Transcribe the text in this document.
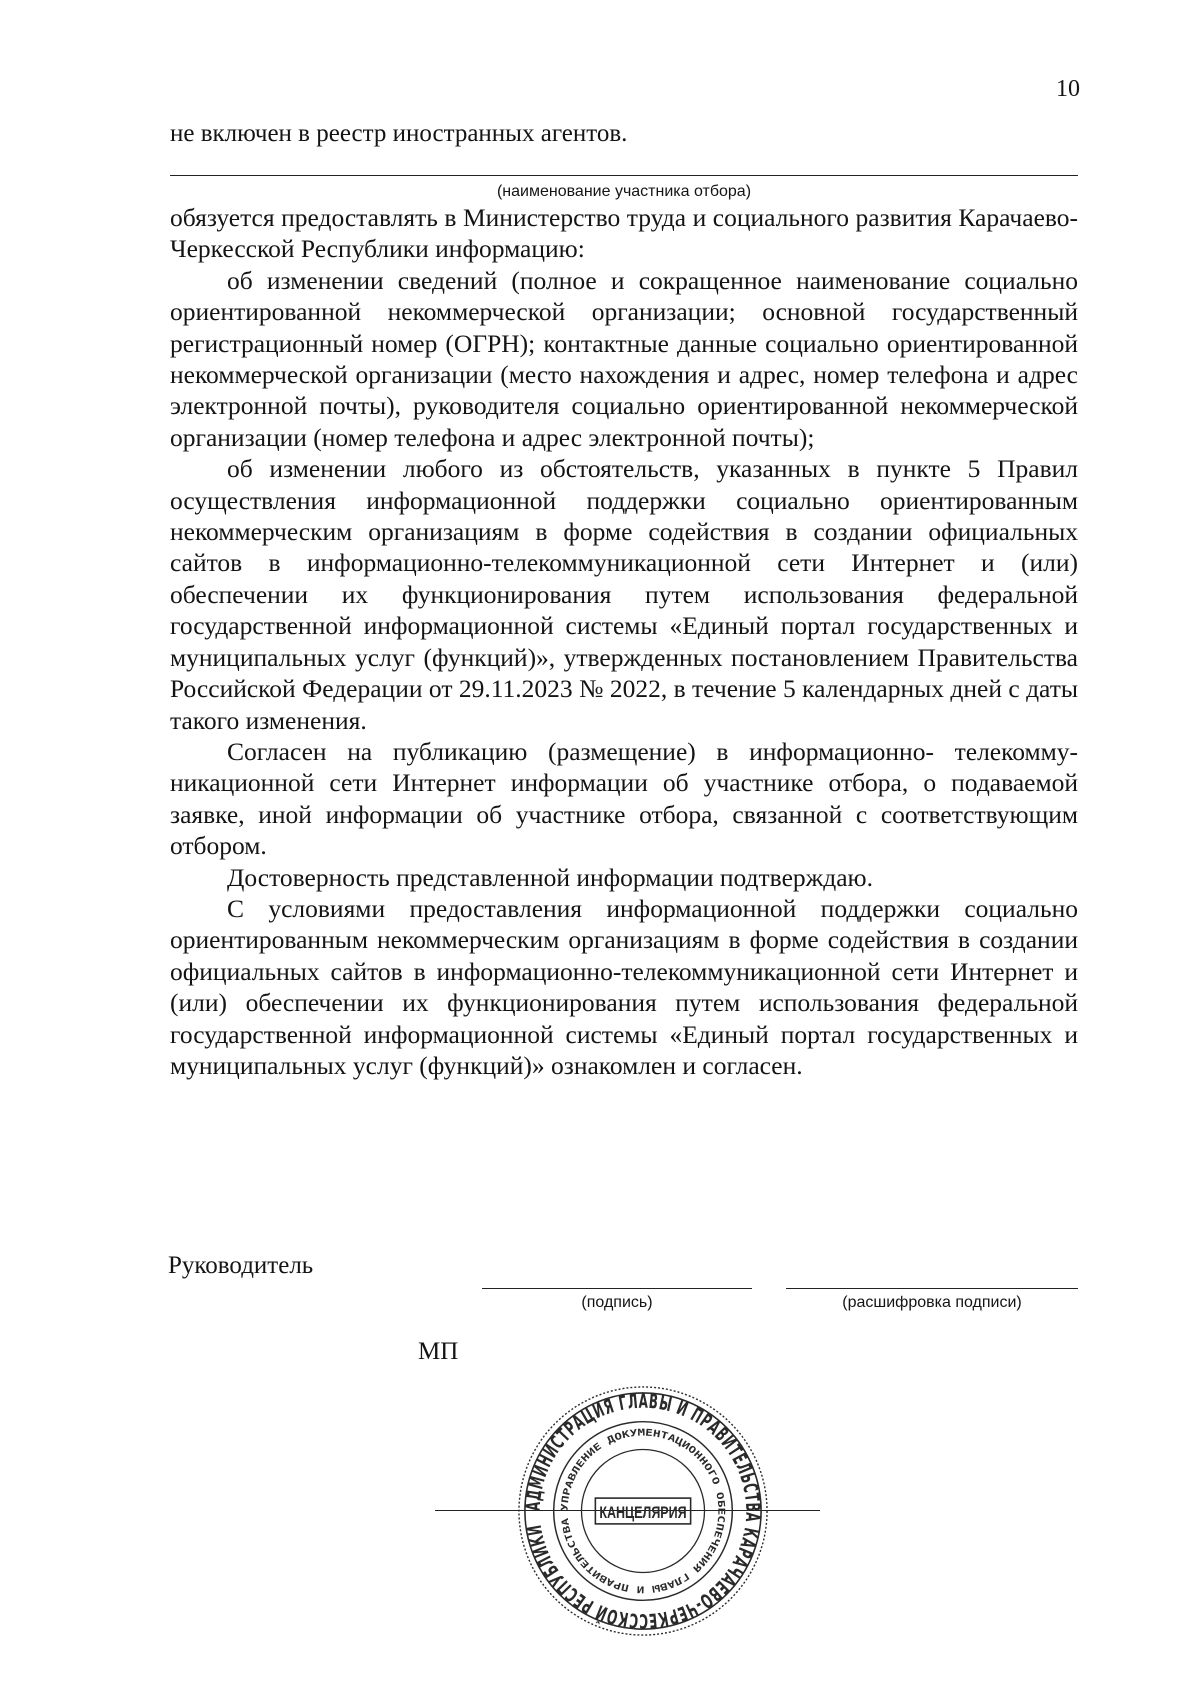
10
не включен в реестр иностранных агентов.
(наименование участника отбора)

обязуется предоставлять в Министерство труда и социального развития Карачаево-Черкесской Республики информацию:

об изменении сведений (полное и сокращенное наименование социально ориентированной некоммерческой организации; основной государственный регистрационный номер (ОГРН); контактные данные социально ориентированной некоммерческой организации (место нахождения и адрес, номер телефона и адрес электронной почты), руководителя социально ориентированной некоммерческой организации (номер телефона и адрес электронной почты);

об изменении любого из обстоятельств, указанных в пункте 5 Правил осуществления информационной поддержки социально ориентированным некоммерческим организациям в форме содействия в создании официальных сайтов в информационно-телекоммуникационной сети Интернет и (или) обеспечении их функционирования путем использования федеральной государственной информационной системы «Единый портал государственных и муниципальных услуг (функций)», утвержденных постановлением Правительства Российской Федерации от 29.11.2023 № 2022, в течение 5 календарных дней с даты такого изменения.

Согласен на публикацию (размещение) в информационно- телекоммуникационной сети Интернет информации об участнике отбора, о подаваемой заявке, иной информации об участнике отбора, связанной с соответствующим отбором.

Достоверность представленной информации подтверждаю.

С условиями предоставления информационной поддержки социально ориентированным некоммерческим организациям в форме содействия в создании официальных сайтов в информационно-телекоммуникационной сети Интернет и (или) обеспечении их функционирования путем использования федеральной государственной информационной системы «Единый портал государственных и муниципальных услуг (функций)» ознакомлен и согласен.

Руководитель
(подпись)	(расшифровка подписи)
МП
АДМИНИСТРАЦИЯ ГЛАВЫ И ПРАВИТЕЛЬСТВА КАРАЧАЕВО-ЧЕРКЕССКОЙ РЕСПУБЛИКИ
УПРАВЛЕНИЕ ДОКУМЕНТАЦИОННОГО ОБЕСПЕЧЕНИЯ ГЛАВЫ И ПРАВИТЕЛЬСТВА
КАНЦЕЛЯРИЯ
